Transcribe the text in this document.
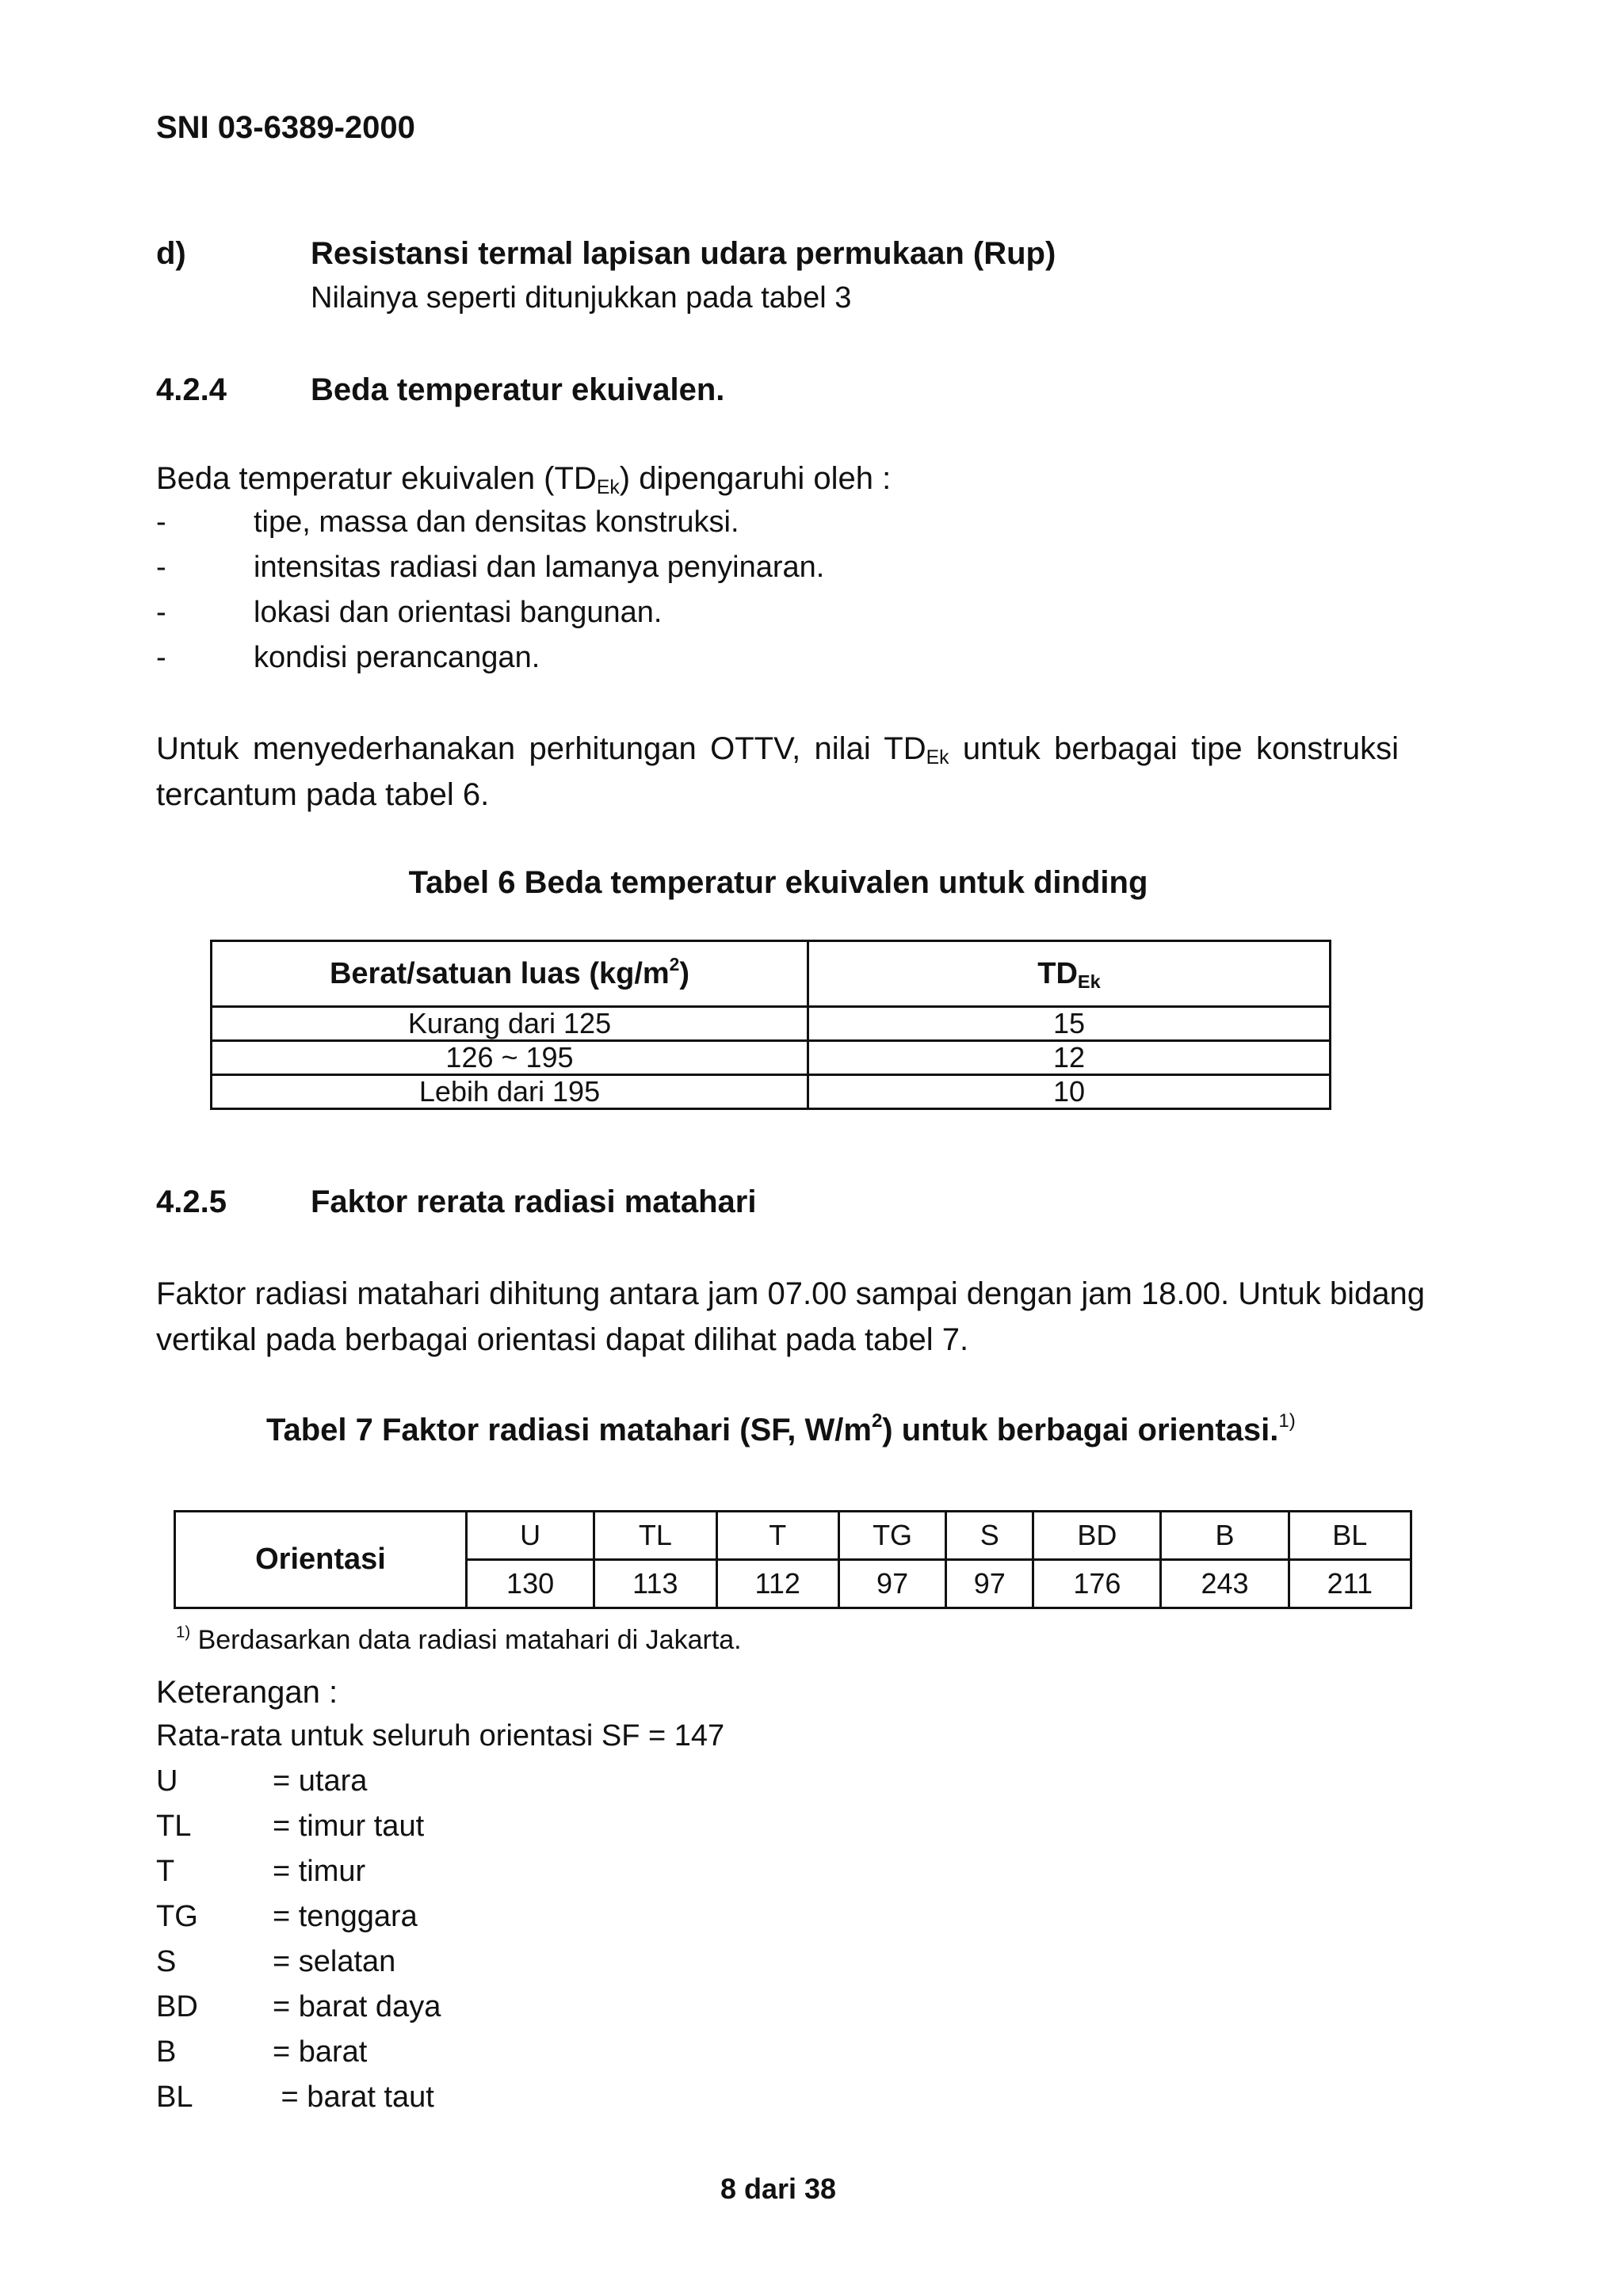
SNI 03-6389-2000
d)	Resistansi termal lapisan udara permukaan (Rup)
Nilainya seperti ditunjukkan pada tabel 3
4.2.4	Beda temperatur ekuivalen.
Beda temperatur ekuivalen $(TD_{Ek})$ dipengaruhi oleh :
-	tipe, massa dan densitas konstruksi.
-	intensitas radiasi dan lamanya penyinaran.
-	lokasi dan orientasi bangunan.
-	kondisi perancangan.
Untuk menyederhanakan perhitungan OTTV, nilai $TD_{Ek}$ untuk berbagai tipe konstruksi
tercantum pada tabel 6.
Tabel 6 Beda temperatur ekuivalen untuk dinding
Berat/satuan luas $(kg/m^2)$	$TD_{Ek}$
Kurang dari 125	15
126 ~ 195	12
Lebih dari 195	10
4.2.5	Faktor rerata radiasi matahari
Faktor radiasi matahari dihitung antara jam 07.00 sampai dengan jam 18.00. Untuk bidang
vertikal pada berbagai orientasi dapat dilihat pada tabel 7.
Tabel 7 Faktor radiasi matahari (SF, $W/m^2$) untuk berbagai orientasi.$^{1)}$
Orientasi	U	TL	T	TG	S	BD	B	BL
	130	113	112	97	97	176	243	211
$^{1)}$ Berdasarkan data radiasi matahari di Jakarta.
Keterangan :
Rata-rata untuk seluruh orientasi SF = 147
U	= utara
TL	= timur taut
T	= timur
TG = tenggara
S	= selatan
BD = barat daya
B	= barat
BL	= barat taut
8 dari 38
